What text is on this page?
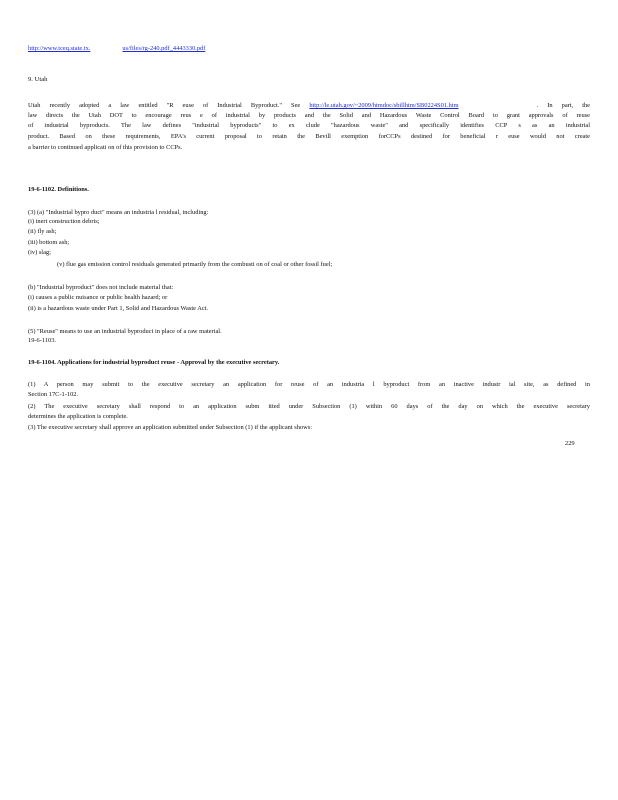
http://www.tceq.state.tx.	us/files/rg-240.pdf_4443330.pdf
9. Utah
Utah recently adopted a law entitled "R euse of Industrial Byproduct." See http://le.utah.gov/~2009/htmdoc/sbillhtm/SB0224S01.htm	. In part, the
law directs the Utah DOT to encourage reus e of industrial by products and the Solid and Hazardous Waste Control Board to grant approvals of reuse
of industrial byproducts. The law defines "industrial byproducts" to ex clude "hazardous waste" and specifically identifies CCP s as an industrial
product. Based on these requirements, EPA's current proposal to retain the Bevill exemption forCCPs destined for beneficial r euse would not create
a barrier to continued applicati on of this provision to CCPs.
19-6-1102. Definitions.
(3) (a) "Industrial bypro duct" means an industria l residual, including:
(i) inert construction debris;
(ii) fly ash;
(iii) bottom ash;
(iv) slag;
(v) flue gas emission control residuals generated primarily from the combusti on of coal or other fossil fuel;
(b) "Industrial byproduct" does not include material that:
(i) causes a public nuisance or public health hazard; or
(ii) is a hazardous waste under Part 1, Solid and Hazardous Waste Act.
(5) "Reuse" means to use an industrial byproduct in place of a raw material.
19-6-1103.
19-6-1104. Applications for industrial byproduct reuse - Approval by the executive secretary.
(1) A person may submit to the executive secretary an application for reuse of an industria l byproduct from an inactive industr ial site, as defined in
Section 17C-1-102.
(2) The executive secretary shall respond to an application subm itted under Subsection (1) within 60 days of the day on which the executive secretary
determines the application is complete.
(3) The executive secretary shall approve an application submitted under Subsection (1) if the applicant shows:
229
